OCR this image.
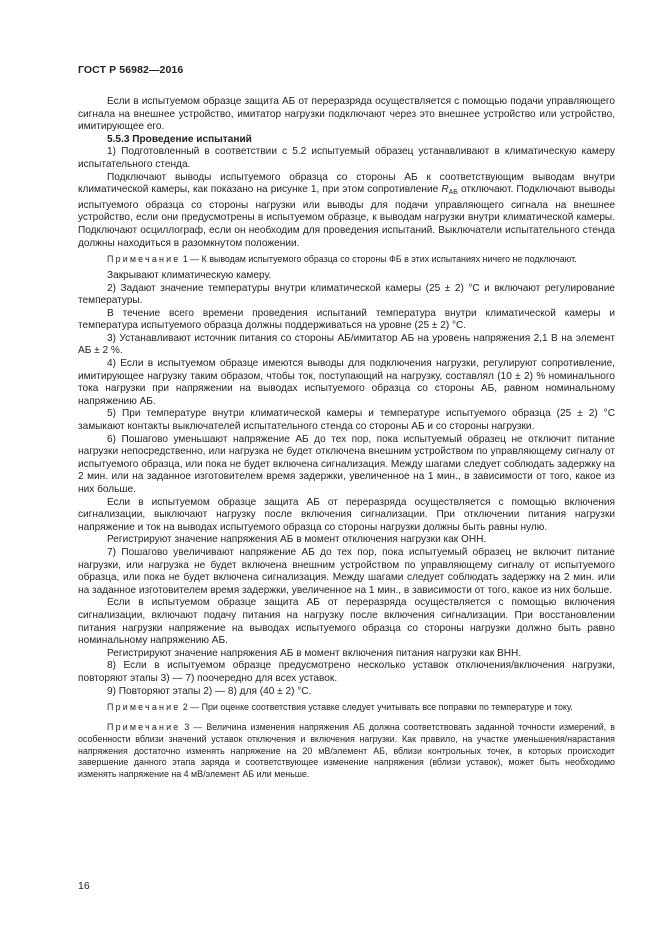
ГОСТ Р 56982—2016
Если в испытуемом образце защита АБ от переразряда осуществляется с помощью подачи управляющего сигнала на внешнее устройство, имитатор нагрузки подключают через это внешнее устройство или устройство, имитирующее его.
5.5.3 Проведение испытаний
1) Подготовленный в соответствии с 5.2 испытуемый образец устанавливают в климатическую камеру испытательного стенда.
Подключают выводы испытуемого образца со стороны АБ к соответствующим выводам внутри климатической камеры, как показано на рисунке 1, при этом сопротивление $R_{АБ}$ отключают. Подключают выводы испытуемого образца со стороны нагрузки или выводы для подачи управляющего сигнала на внешнее устройство, если они предусмотрены в испытуемом образце, к выводам нагрузки внутри климатической камеры. Подключают осциллограф, если он необходим для проведения испытаний. Выключатели испытательного стенда должны находиться в разомкнутом положении.
Примечание 1 — К выводам испытуемого образца со стороны ФБ в этих испытаниях ничего не подключают.
Закрывают климатическую камеру.
2) Задают значение температуры внутри климатической камеры (25 ± 2) °С и включают регулирование температуры.
В течение всего времени проведения испытаний температура внутри климатической камеры и температура испытуемого образца должны поддерживаться на уровне (25 ± 2) °С.
3) Устанавливают источник питания со стороны АБ/имитатор АБ на уровень напряжения 2,1 В на элемент АБ ± 2 %.
4) Если в испытуемом образце имеются выводы для подключения нагрузки, регулируют сопротивление, имитирующее нагрузку таким образом, чтобы ток, поступающий на нагрузку, составлял (10 ± 2) % номинального тока нагрузки при напряжении на выводах испытуемого образца со стороны АБ, равном номинальному напряжению АБ.
5) При температуре внутри климатической камеры и температуре испытуемого образца (25 ± 2) °С замыкают контакты выключателей испытательного стенда со стороны АБ и со стороны нагрузки.
6) Пошагово уменьшают напряжение АБ до тех пор, пока испытуемый образец не отключит питание нагрузки непосредственно, или нагрузка не будет отключена внешним устройством по управляющему сигналу от испытуемого образца, или пока не будет включена сигнализация. Между шагами следует соблюдать задержку на 2 мин. или на заданное изготовителем время задержки, увеличенное на 1 мин., в зависимости от того, какое из них больше.
Если в испытуемом образце защита АБ от переразряда осуществляется с помощью включения сигнализации, выключают нагрузку после включения сигнализации. При отключении питания нагрузки напряжение и ток на выводах испытуемого образца со стороны нагрузки должны быть равны нулю.
Регистрируют значение напряжения АБ в момент отключения нагрузки как ОНН.
7) Пошагово увеличивают напряжение АБ до тех пор, пока испытуемый образец не включит питание нагрузки, или нагрузка не будет включена внешним устройством по управляющему сигналу от испытуемого образца, или пока не будет включена сигнализация. Между шагами следует соблюдать задержку на 2 мин. или на заданное изготовителем время задержки, увеличенное на 1 мин., в зависимости от того, какое из них больше.
Если в испытуемом образце защита АБ от переразряда осуществляется с помощью включения сигнализации, включают подачу питания на нагрузку после включения сигнализации. При восстановлении питания нагрузки напряжение на выводах испытуемого образца со стороны нагрузки должно быть равно номинальному напряжению АБ.
Регистрируют значение напряжения АБ в момент включения питания нагрузки как ВНН.
8) Если в испытуемом образце предусмотрено несколько уставок отключения/включения нагрузки, повторяют этапы 3) — 7) поочередно для всех уставок.
9) Повторяют этапы 2) — 8) для (40 ± 2) °С.
Примечание 2 — При оценке соответствия уставке следует учитывать все поправки по температуре и току.
Примечание 3 — Величина изменения напряжения АБ должна соответствовать заданной точности измерений, в особенности вблизи значений уставок отключения и включения нагрузки. Как правило, на участке уменьшения/нарастания напряжения достаточно изменять напряжение на 20 мВ/элемент АБ, вблизи контрольных точек, в которых происходит завершение данного этапа заряда и соответствующее изменение напряжения (вблизи уставок), может быть необходимо изменять напряжение на 4 мВ/элемент АБ или меньше.
16
